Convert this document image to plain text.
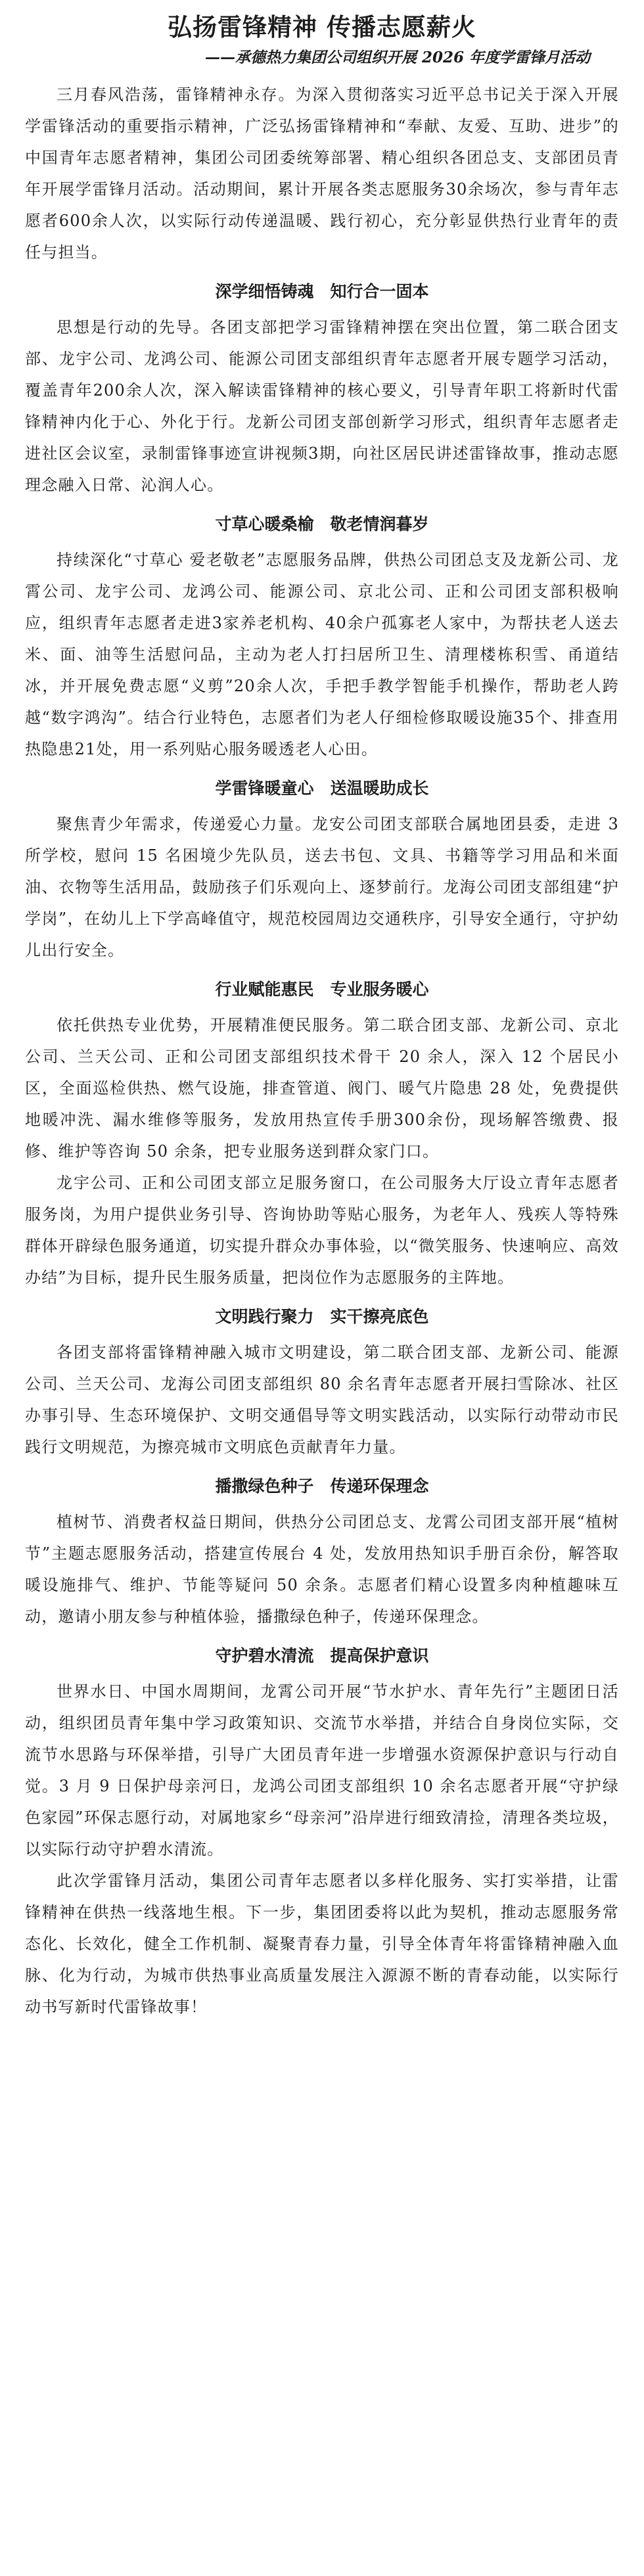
弘扬雷锋精神 传播志愿薪火
——承德热力集团公司组织开展 2026 年度学雷锋月活动

三月春风浩荡，雷锋精神永存。为深入贯彻落实习近平总书记关于深入开展学雷锋活动的重要指示精神，广泛弘扬雷锋精神和“奉献、友爱、互助、进步”的中国青年志愿者精神，集团公司团委统筹部署、精心组织各团总支、支部团员青年开展学雷锋月活动。活动期间，累计开展各类志愿服务30余场次，参与青年志愿者600余人次，以实际行动传递温暖、践行初心，充分彰显供热行业青年的责任与担当。

深学细悟铸魂　知行合一固本

思想是行动的先导。各团支部把学习雷锋精神摆在突出位置，第二联合团支部、龙宇公司、龙鸿公司、能源公司团支部组织青年志愿者开展专题学习活动，覆盖青年200余人次，深入解读雷锋精神的核心要义，引导青年职工将新时代雷锋精神内化于心、外化于行。龙新公司团支部创新学习形式，组织青年志愿者走进社区会议室，录制雷锋事迹宣讲视频3期，向社区居民讲述雷锋故事，推动志愿理念融入日常、沁润人心。

寸草心暖桑榆　敬老情润暮岁

持续深化“寸草心 爱老敬老”志愿服务品牌，供热公司团总支及龙新公司、龙霄公司、龙宇公司、龙鸿公司、能源公司、京北公司、正和公司团支部积极响应，组织青年志愿者走进3家养老机构、40余户孤寡老人家中，为帮扶老人送去米、面、油等生活慰问品，主动为老人打扫居所卫生、清理楼栋积雪、甬道结冰，并开展免费志愿“义剪”20余人次，手把手教学智能手机操作，帮助老人跨越“数字鸿沟”。结合行业特色，志愿者们为老人仔细检修取暖设施35个、排查用热隐患21处，用一系列贴心服务暖透老人心田。

学雷锋暖童心　送温暖助成长

聚焦青少年需求，传递爱心力量。龙安公司团支部联合属地团县委，走进 3 所学校，慰问 15 名困境少先队员，送去书包、文具、书籍等学习用品和米面油、衣物等生活用品，鼓励孩子们乐观向上、逐梦前行。龙海公司团支部组建“护学岗”，在幼儿上下学高峰值守，规范校园周边交通秩序，引导安全通行，守护幼儿出行安全。

行业赋能惠民　专业服务暖心

依托供热专业优势，开展精准便民服务。第二联合团支部、龙新公司、京北公司、兰天公司、正和公司团支部组织技术骨干 20 余人，深入 12 个居民小区，全面巡检供热、燃气设施，排查管道、阀门、暖气片隐患 28 处，免费提供地暖冲洗、漏水维修等服务，发放用热宣传手册300余份，现场解答缴费、报修、维护等咨询 50 余条，把专业服务送到群众家门口。

龙宇公司、正和公司团支部立足服务窗口，在公司服务大厅设立青年志愿者服务岗，为用户提供业务引导、咨询协助等贴心服务，为老年人、残疾人等特殊群体开辟绿色服务通道，切实提升群众办事体验，以“微笑服务、快速响应、高效办结”为目标，提升民生服务质量，把岗位作为志愿服务的主阵地。

文明践行聚力　实干擦亮底色

各团支部将雷锋精神融入城市文明建设，第二联合团支部、龙新公司、能源公司、兰天公司、龙海公司团支部组织 80 余名青年志愿者开展扫雪除冰、社区办事引导、生态环境保护、文明交通倡导等文明实践活动，以实际行动带动市民践行文明规范，为擦亮城市文明底色贡献青年力量。

播撒绿色种子　传递环保理念

植树节、消费者权益日期间，供热分公司团总支、龙霄公司团支部开展“植树节”主题志愿服务活动，搭建宣传展台 4 处，发放用热知识手册百余份，解答取暖设施排气、维护、节能等疑问 50 余条。志愿者们精心设置多肉种植趣味互动，邀请小朋友参与种植体验，播撒绿色种子，传递环保理念。

守护碧水清流　提高保护意识

世界水日、中国水周期间，龙霄公司开展“节水护水、青年先行”主题团日活动，组织团员青年集中学习政策知识、交流节水举措，并结合自身岗位实际，交流节水思路与环保举措，引导广大团员青年进一步增强水资源保护意识与行动自觉。3 月 9 日保护母亲河日，龙鸿公司团支部组织 10 余名志愿者开展“守护绿色家园”环保志愿行动，对属地家乡“母亲河”沿岸进行细致清捡，清理各类垃圾，以实际行动守护碧水清流。

此次学雷锋月活动，集团公司青年志愿者以多样化服务、实打实举措，让雷锋精神在供热一线落地生根。下一步，集团团委将以此为契机，推动志愿服务常态化、长效化，健全工作机制、凝聚青春力量，引导全体青年将雷锋精神融入血脉、化为行动，为城市供热事业高质量发展注入源源不断的青春动能，以实际行动书写新时代雷锋故事！
